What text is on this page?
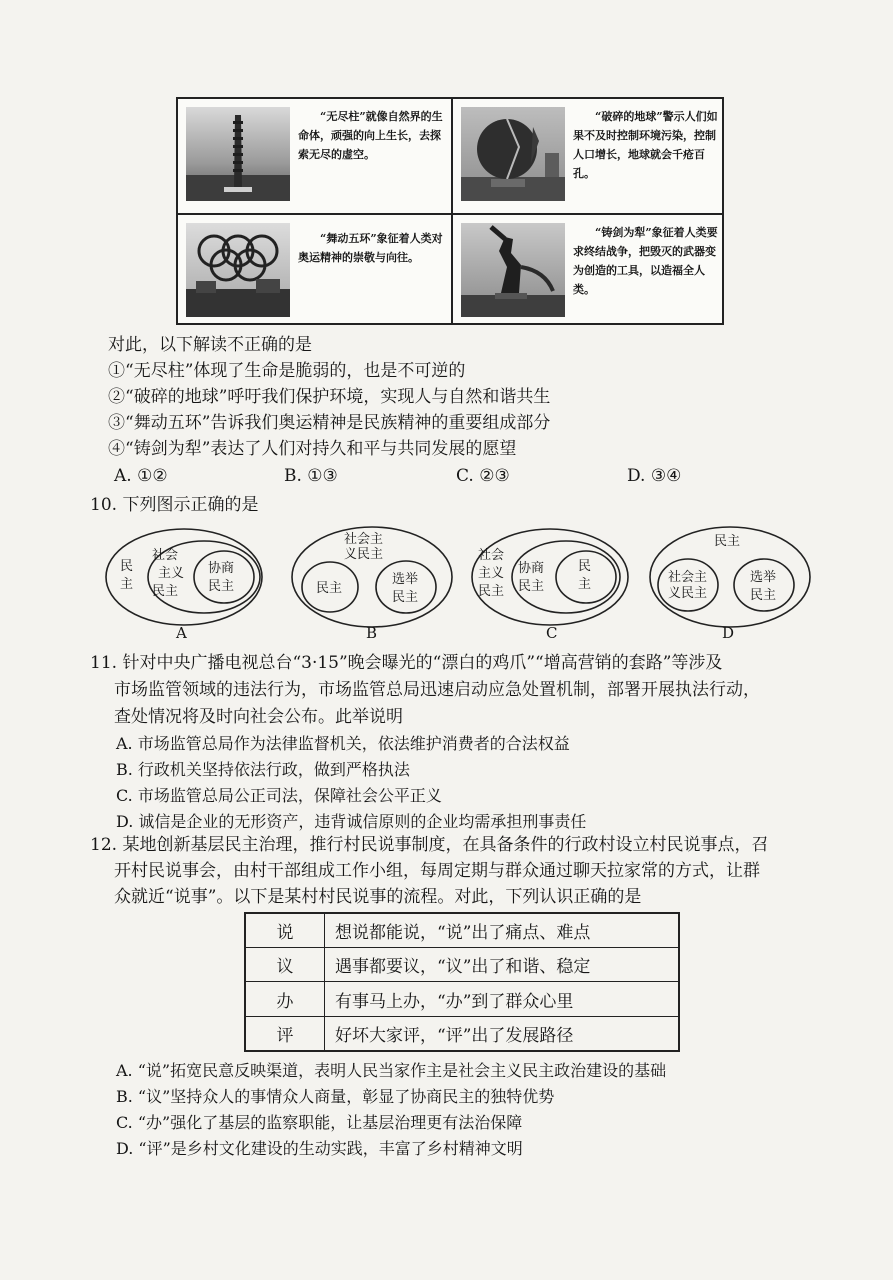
“无尽柱”就像自然界的生命体，顽强的向上生长，去探索无尽的虚空。
“破碎的地球”警示人们如果不及时控制环境污染，控制人口增长，地球就会千疮百孔。
“舞动五环”象征着人类对奥运精神的崇敬与向往。
“铸剑为犁”象征着人类要求终结战争，把毁灭的武器变为创造的工具，以造福全人类。
对此，以下解读不正确的是
①“无尽柱”体现了生命是脆弱的，也是不可逆的
②“破碎的地球”呼吁我们保护环境，实现人与自然和谐共生
③“舞动五环”告诉我们奥运精神是民族精神的重要组成部分
④“铸剑为犁”表达了人们对持久和平与共同发展的愿望
A. ①②	B. ①③	C. ②③	D. ③④
10. 下列图示正确的是
民
主
社会
主义
民主
协商
民主
A
社会主
义民主
民主
选举
民主
B
社会
主义
民主
协商
民主
民
主
C
民主
社会主
义民主
选举
民主
D
11. 针对中央广播电视总台“3·15”晚会曝光的“漂白的鸡爪”“增高营销的套路”等涉及
市场监管领域的违法行为，市场监管总局迅速启动应急处置机制，部署开展执法行动，
查处情况将及时向社会公布。此举说明
A. 市场监管总局作为法律监督机关，依法维护消费者的合法权益
B. 行政机关坚持依法行政，做到严格执法
C. 市场监管总局公正司法，保障社会公平正义
D. 诚信是企业的无形资产，违背诚信原则的企业均需承担刑事责任
12. 某地创新基层民主治理，推行村民说事制度，在具备条件的行政村设立村民说事点，召
开村民说事会，由村干部组成工作小组，每周定期与群众通过聊天拉家常的方式，让群
众就近“说事”。以下是某村村民说事的流程。对此，下列认识正确的是
说	想说都能说，“说”出了痛点、难点
议	遇事都要议，“议”出了和谐、稳定
办	有事马上办，“办”到了群众心里
评	好坏大家评，“评”出了发展路径
A. “说”拓宽民意反映渠道，表明人民当家作主是社会主义民主政治建设的基础
B. “议”坚持众人的事情众人商量，彰显了协商民主的独特优势
C. “办”强化了基层的监察职能，让基层治理更有法治保障
D. “评”是乡村文化建设的生动实践，丰富了乡村精神文明
